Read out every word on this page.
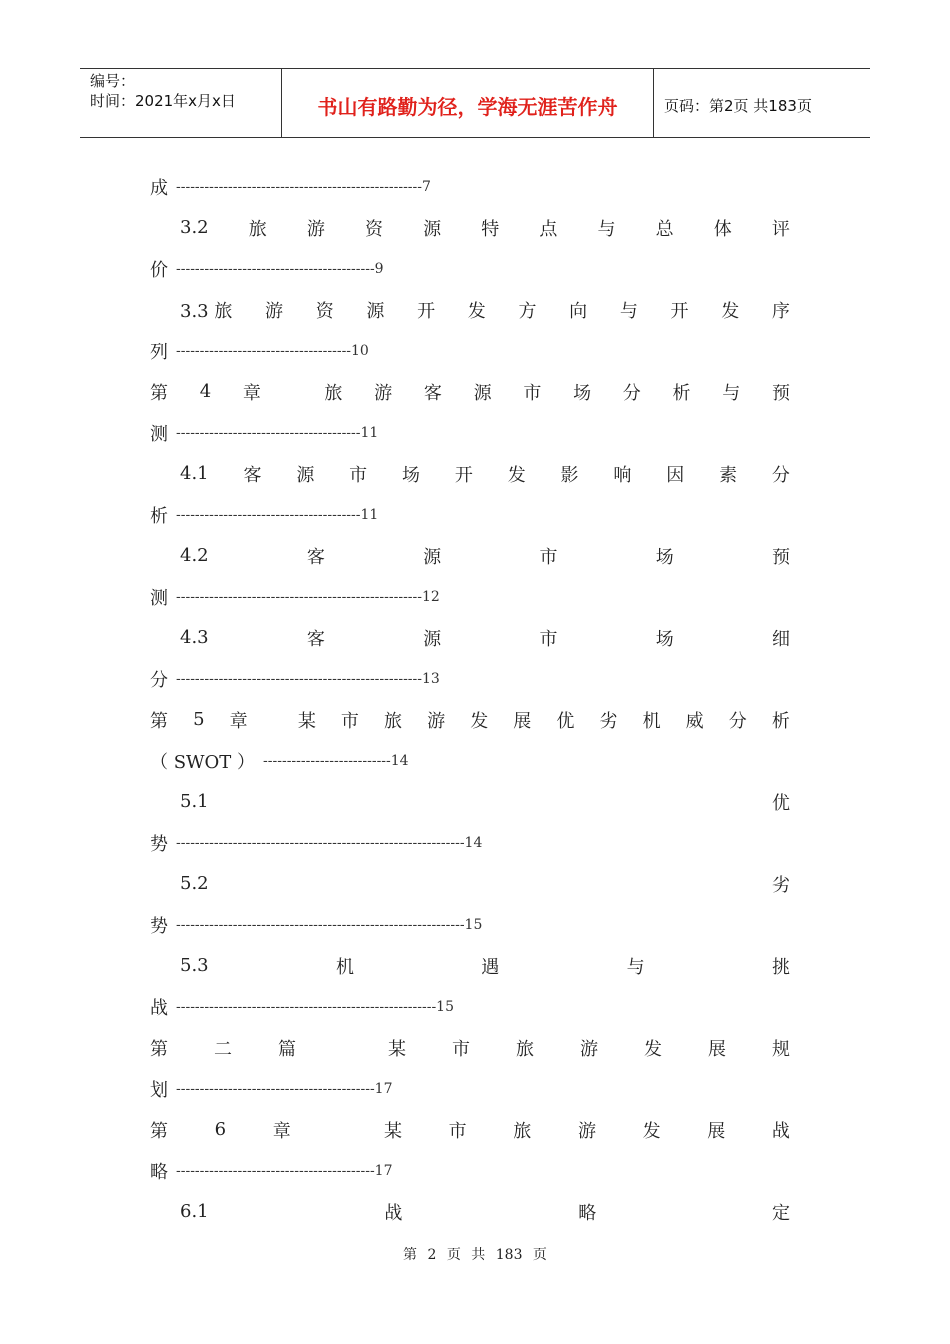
编号：
时间：2021年x月x日	书山有路勤为径，学海无涯苦作舟	页码：第2页 共183页
成 ----------------------------------------------------7
3.2 旅 游 资 源 特 点 与 总 体 评
价 ------------------------------------------9
3.3 旅 游 资 源 开 发 方 向 与 开 发 序
列 -------------------------------------10
第 4 章	旅 游 客 源 市 场 分 析 与 预
测 ---------------------------------------11
4.1 客 源 市 场 开 发 影 响 因 素 分
析 ---------------------------------------11
4.2	客	源	市	场	预
测 ----------------------------------------------------12
4.3	客	源	市	场	细
分 ----------------------------------------------------13
第 5 章	某 市 旅 游 发 展 优 劣 机 威 分 析
（ SWOT ） ---------------------------14
5.1	优
势 -------------------------------------------------------------14
5.2	劣
势 -------------------------------------------------------------15
5.3	机	遇	与	挑
战 -------------------------------------------------------15
第	二	篇	某	市	旅	游	发	展	规
划 ------------------------------------------17
第	6	章	某	市	旅	游	发	展	战
略 ------------------------------------------17
6.1	战	略	定
第 2 页 共 183 页
